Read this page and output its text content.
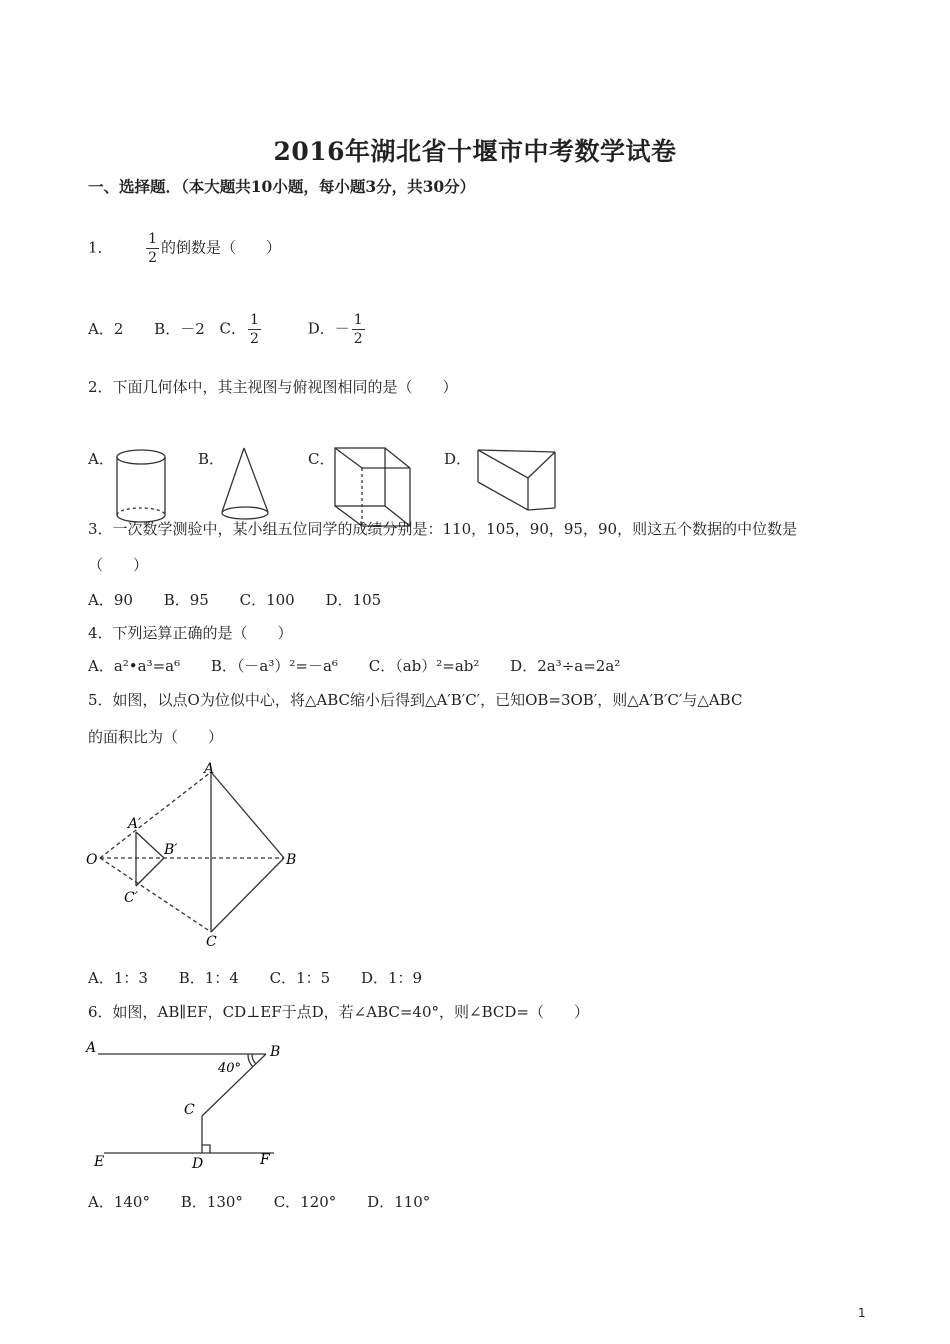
2016年湖北省十堰市中考数学试卷
一、选择题．（本大题共10小题，每小题3分，共30分）
1． $\frac{1}{2}$ 的倒数是（　　）
A．2 B．－2 C． $\frac{1}{2}$	D．－ $\frac{1}{2}$
2．下面几何体中，其主视图与俯视图相同的是（　　）
A．	B．	C．	D．
3．一次数学测验中，某小组五位同学的成绩分别是：110，105，90，95，90，则这五个数据的中位数是
（　　）
A．90 B．95 C．100 D．105
4．下列运算正确的是（　　）
A．a²•a³=a⁶ B．（－a³）²=－a⁶ C．（ab）²=ab² D．2a³÷a=2a²
5．如图，以点O为位似中心，将△ABC缩小后得到△A′B′C′，已知OB=3OB′，则△A′B′C′与△ABC
的面积比为（　　）
A
A′
B′
B
C′
C
O
A．1：3 B．1：4 C．1：5 D．1：9
6．如图，AB∥EF，CD⊥EF于点D，若∠ABC=40°，则∠BCD=（　　）
A	B
40°
C
D
E	F
A．140° B．130° C．120° D．110°
1
